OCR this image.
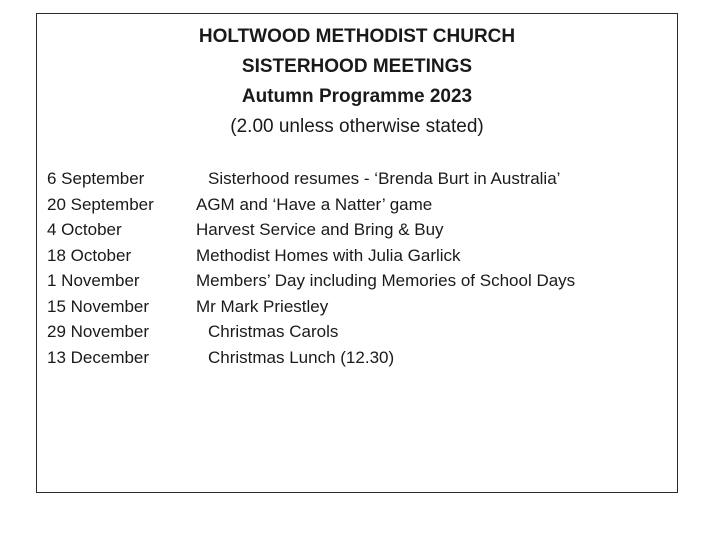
HOLTWOOD METHODIST CHURCH
SISTERHOOD MEETINGS
Autumn Programme 2023
(2.00 unless otherwise stated)
6 September	Sisterhood resumes - ‘Brenda Burt in Australia’
20 September	AGM and ‘Have a Natter’ game
4 October	Harvest Service and Bring & Buy
18 October	Methodist Homes with Julia Garlick
1 November	Members’ Day including Memories of School Days
15 November	Mr Mark Priestley
29 November	Christmas Carols
13 December	Christmas Lunch (12.30)
